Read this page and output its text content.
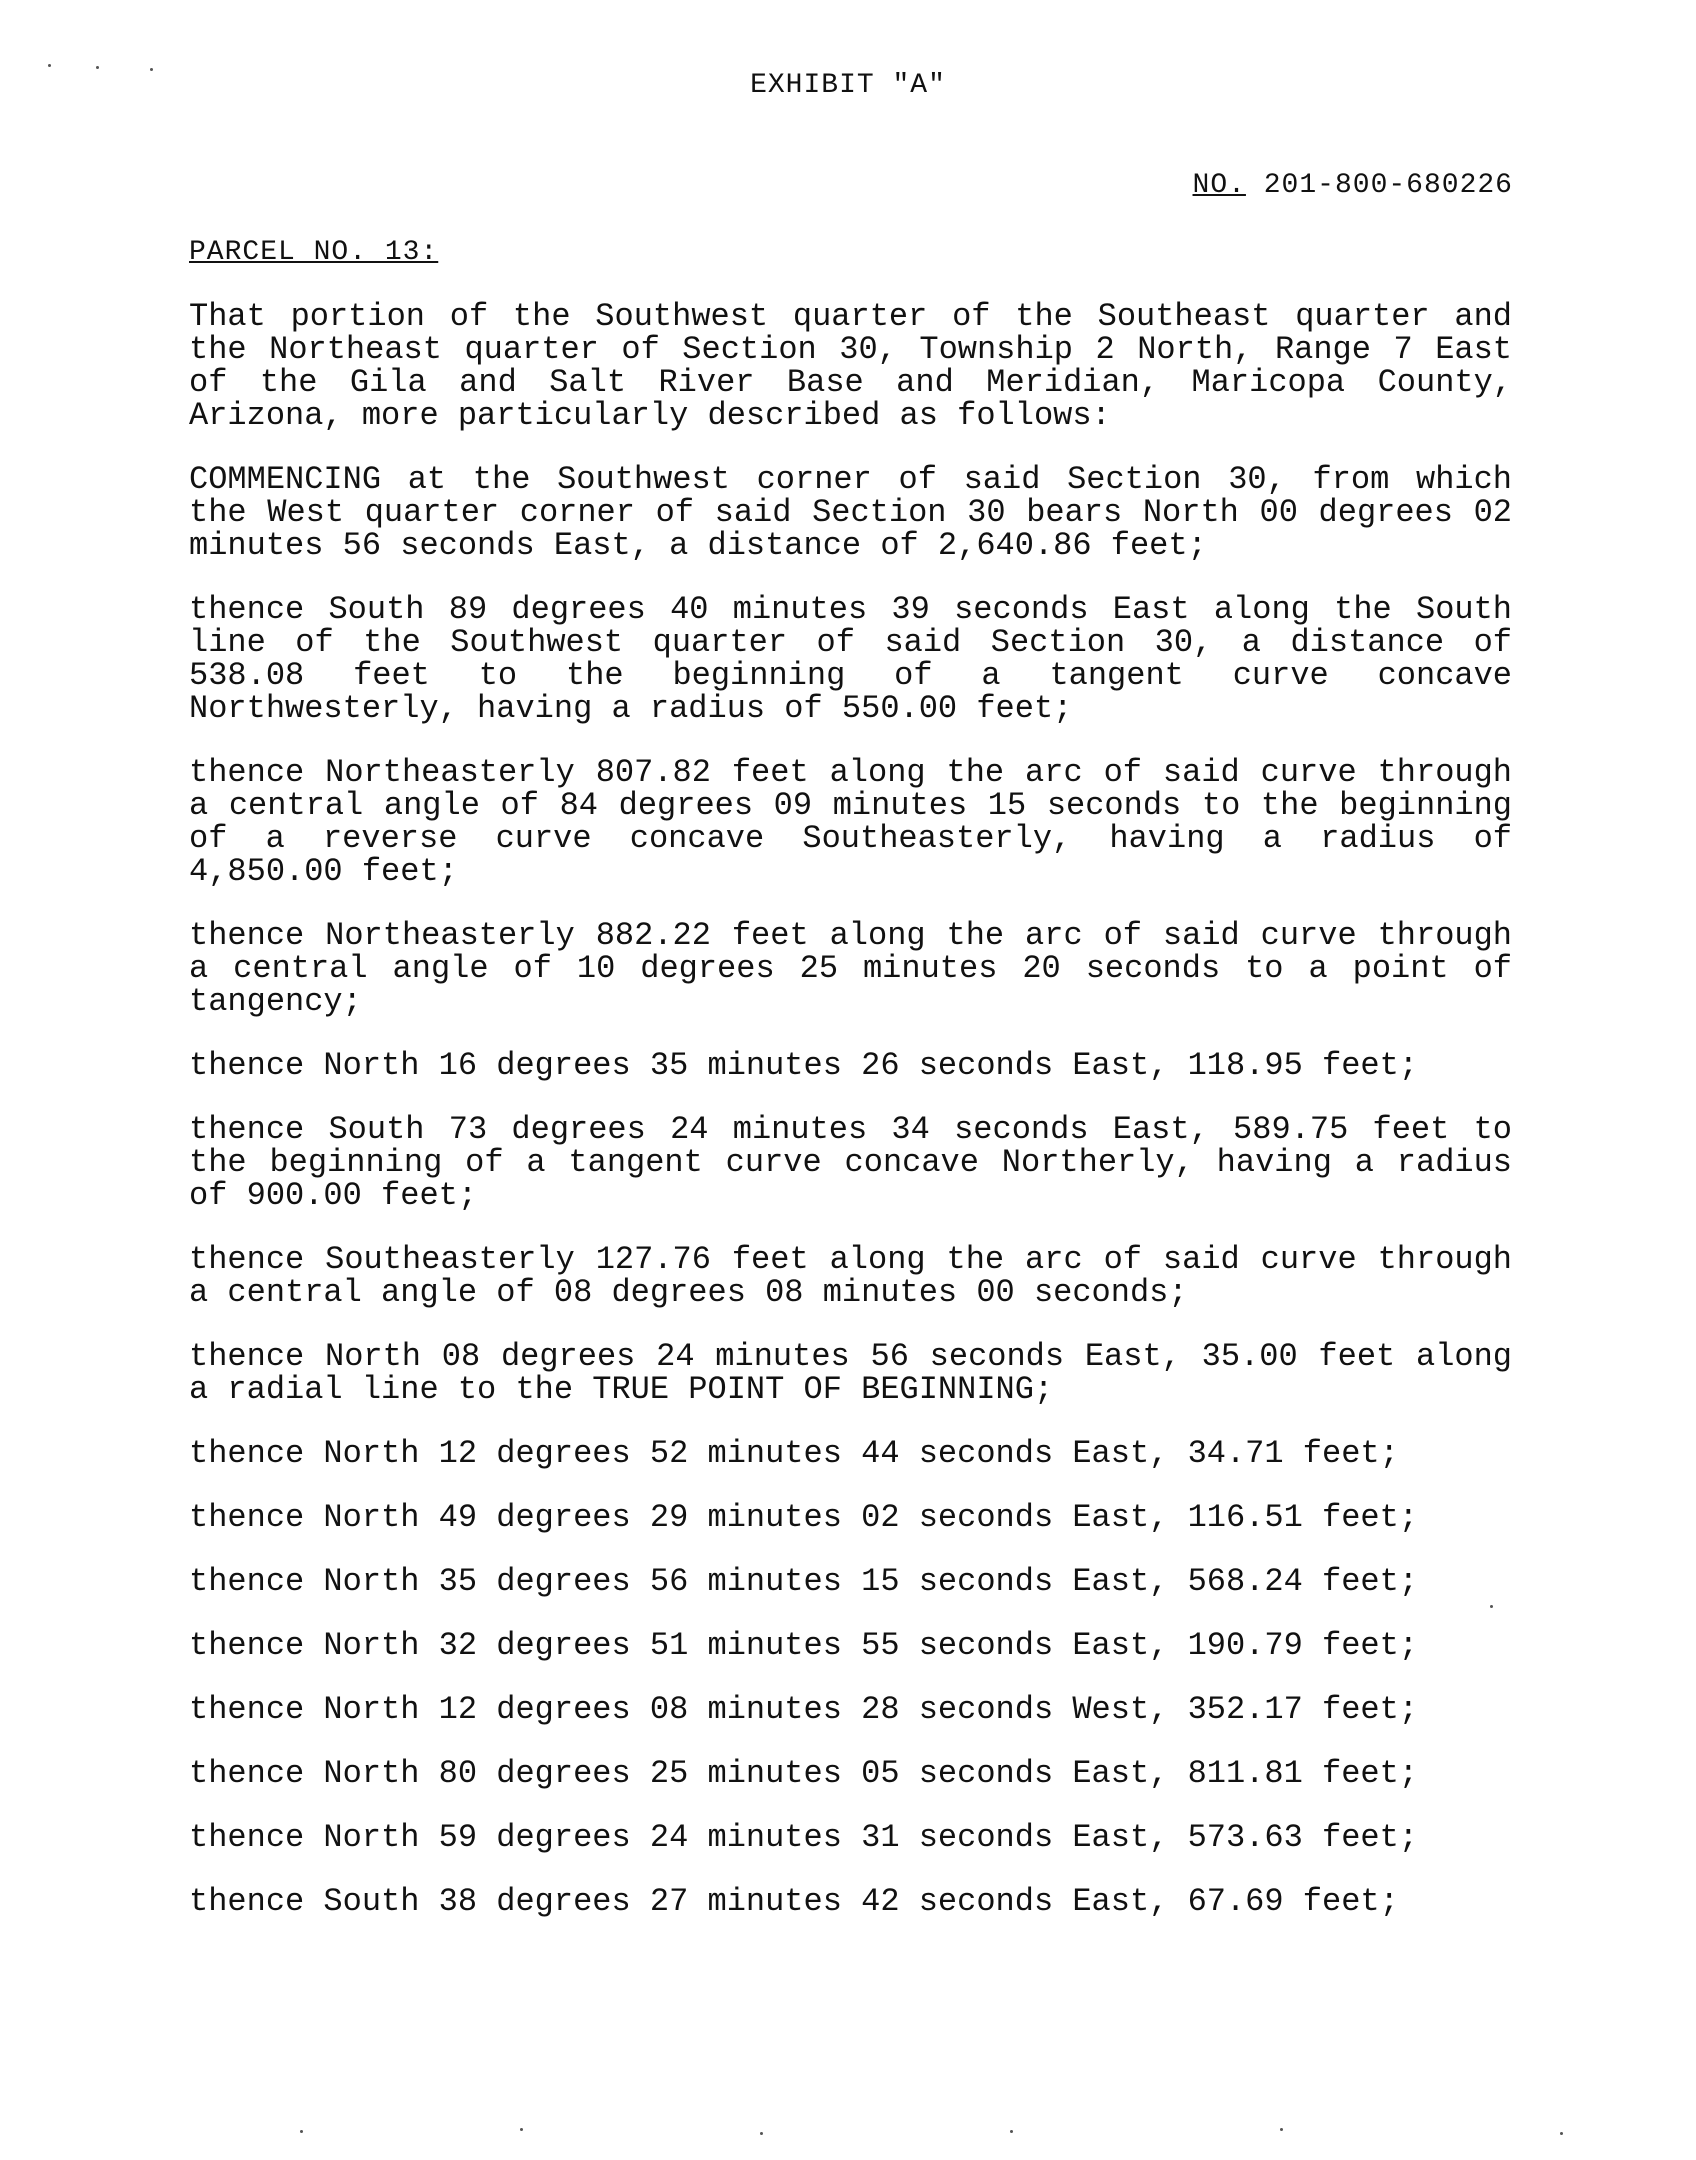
EXHIBIT "A"
NO. 201-800-680226
PARCEL NO. 13:

That portion of the Southwest quarter of the Southeast quarter and the Northeast quarter of Section 30, Township 2 North, Range 7 East of the Gila and Salt River Base and Meridian, Maricopa County, Arizona, more particularly described as follows:

COMMENCING at the Southwest corner of said Section 30, from which the West quarter corner of said Section 30 bears North 00 degrees 02 minutes 56 seconds East, a distance of 2,640.86 feet;

thence South 89 degrees 40 minutes 39 seconds East along the South line of the Southwest quarter of said Section 30, a distance of 538.08 feet to the beginning of a tangent curve concave Northwesterly, having a radius of 550.00 feet;

thence Northeasterly 807.82 feet along the arc of said curve through a central angle of 84 degrees 09 minutes 15 seconds to the beginning of a reverse curve concave Southeasterly, having a radius of 4,850.00 feet;

thence Northeasterly 882.22 feet along the arc of said curve through a central angle of 10 degrees 25 minutes 20 seconds to a point of tangency;

thence North 16 degrees 35 minutes 26 seconds East, 118.95 feet;

thence South 73 degrees 24 minutes 34 seconds East, 589.75 feet to the beginning of a tangent curve concave Northerly, having a radius of 900.00 feet;

thence Southeasterly 127.76 feet along the arc of said curve through a central angle of 08 degrees 08 minutes 00 seconds;

thence North 08 degrees 24 minutes 56 seconds East, 35.00 feet along a radial line to the TRUE POINT OF BEGINNING;

thence North 12 degrees 52 minutes 44 seconds East, 34.71 feet;

thence North 49 degrees 29 minutes 02 seconds East, 116.51 feet;

thence North 35 degrees 56 minutes 15 seconds East, 568.24 feet;

thence North 32 degrees 51 minutes 55 seconds East, 190.79 feet;

thence North 12 degrees 08 minutes 28 seconds West, 352.17 feet;

thence North 80 degrees 25 minutes 05 seconds East, 811.81 feet;

thence North 59 degrees 24 minutes 31 seconds East, 573.63 feet;

thence South 38 degrees 27 minutes 42 seconds East, 67.69 feet;
